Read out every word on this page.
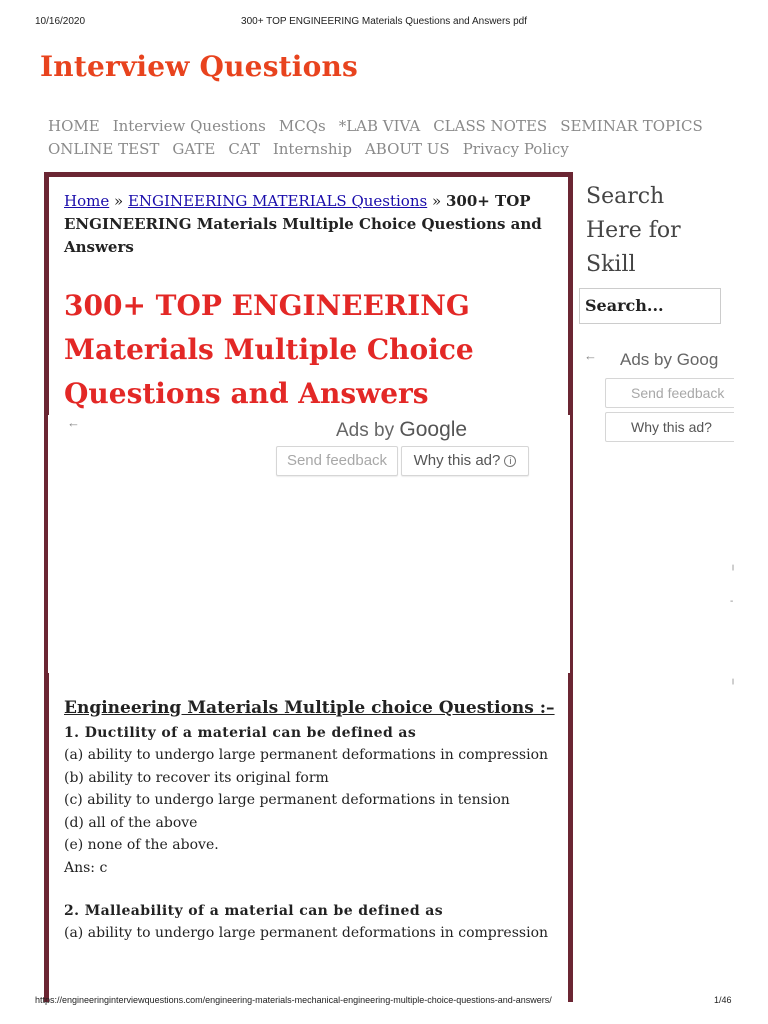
10/16/2020	300+ TOP ENGINEERING Materials Questions and Answers pdf
Interview Questions
HOME Interview Questions MCQs *LAB VIVA CLASS NOTES SEMINAR TOPICS
ONLINE TEST GATE CAT Internship ABOUT US Privacy Policy
Home » ENGINEERING MATERIALS Questions » 300+ TOP ENGINEERING Materials Multiple Choice Questions and Answers
300+ TOP ENGINEERING Materials Multiple Choice Questions and Answers
←	Ads by Google
Send feedback	Why this ad? i
Engineering Materials Multiple choice Questions :–
1. Ductility of a material can be defined as
(a) ability to undergo large permanent deformations in compression
(b) ability to recover its original form
(c) ability to undergo large permanent deformations in tension
(d) all of the above
(e) none of the above.
Ans: c
2. Malleability of a material can be defined as
(a) ability to undergo large permanent deformations in compression
Search Here for Skill
Search...
← Ads by Goog
Send feedback
Why this ad?
╷
-
╷
https://engineeringinterviewquestions.com/engineering-materials-mechanical-engineering-multiple-choice-questions-and-answers/	1/46
